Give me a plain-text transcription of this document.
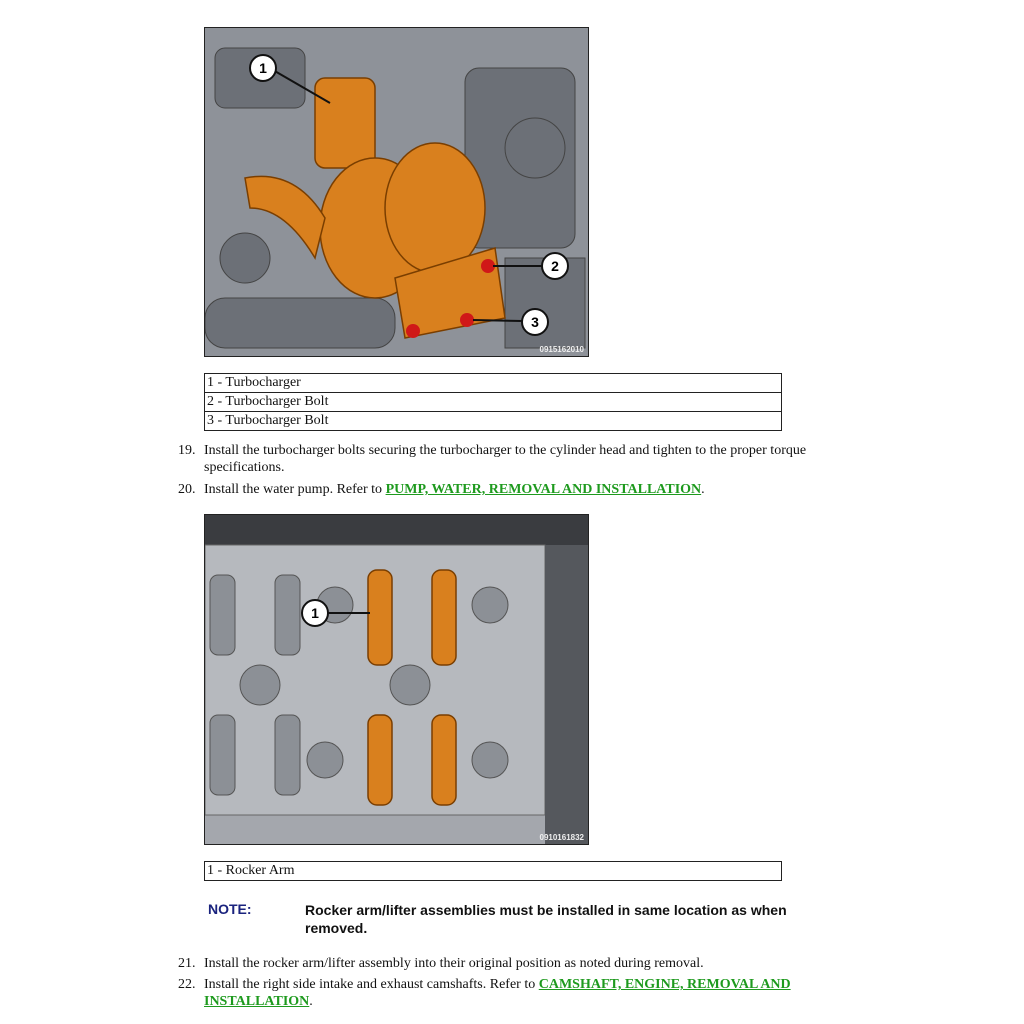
1
2
3
0915162010
1 - Turbocharger
2 - Turbocharger Bolt
3 - Turbocharger Bolt
19. Install the turbocharger bolts securing the turbocharger to the cylinder head and tighten to the proper torque specifications.
20. Install the water pump. Refer to PUMP, WATER, REMOVAL AND INSTALLATION.
1
0910161832
1 - Rocker Arm
NOTE:	Rocker arm/lifter assemblies must be installed in same location as when removed.
21. Install the rocker arm/lifter assembly into their original position as noted during removal.
22. Install the right side intake and exhaust camshafts. Refer to CAMSHAFT, ENGINE, REMOVAL AND INSTALLATION.
